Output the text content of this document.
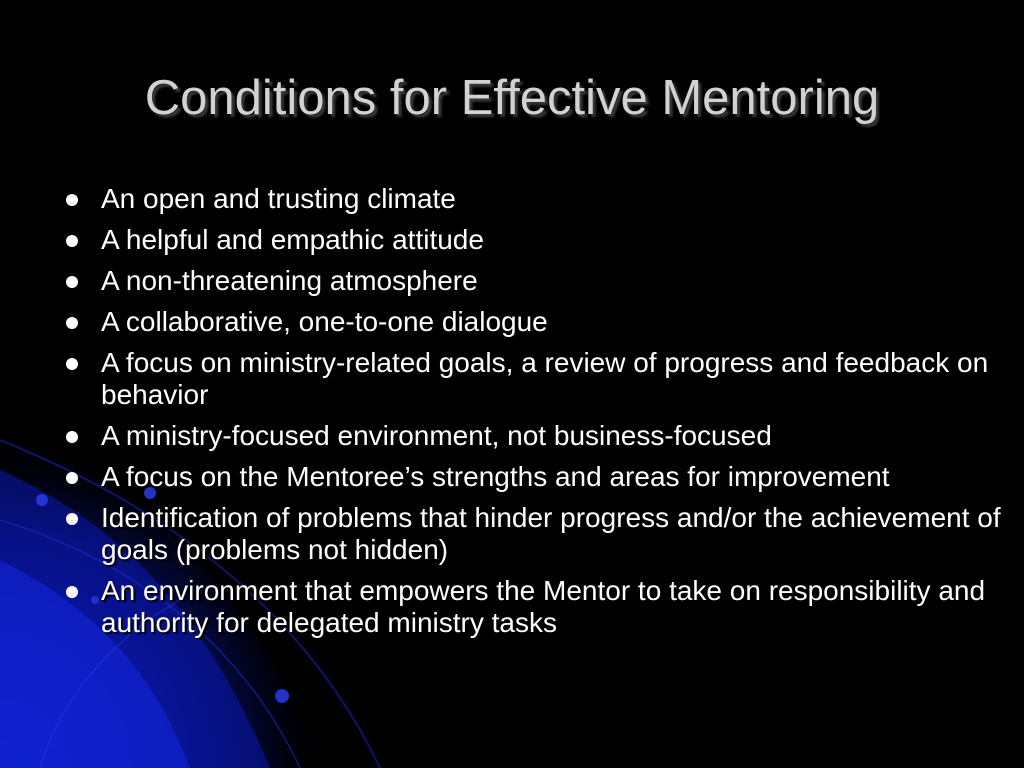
Conditions for Effective Mentoring
An open and trusting climate
A helpful and empathic attitude
A non-threatening atmosphere
A collaborative, one-to-one dialogue
A focus on ministry-related goals, a review of progress and feedback on behavior
A ministry-focused environment, not business-focused
A focus on the Mentoree’s strengths and areas for improvement
Identification of problems that hinder progress and/or the achievement of goals (problems not hidden)
An environment that empowers the Mentor to take on responsibility and authority for delegated ministry tasks
